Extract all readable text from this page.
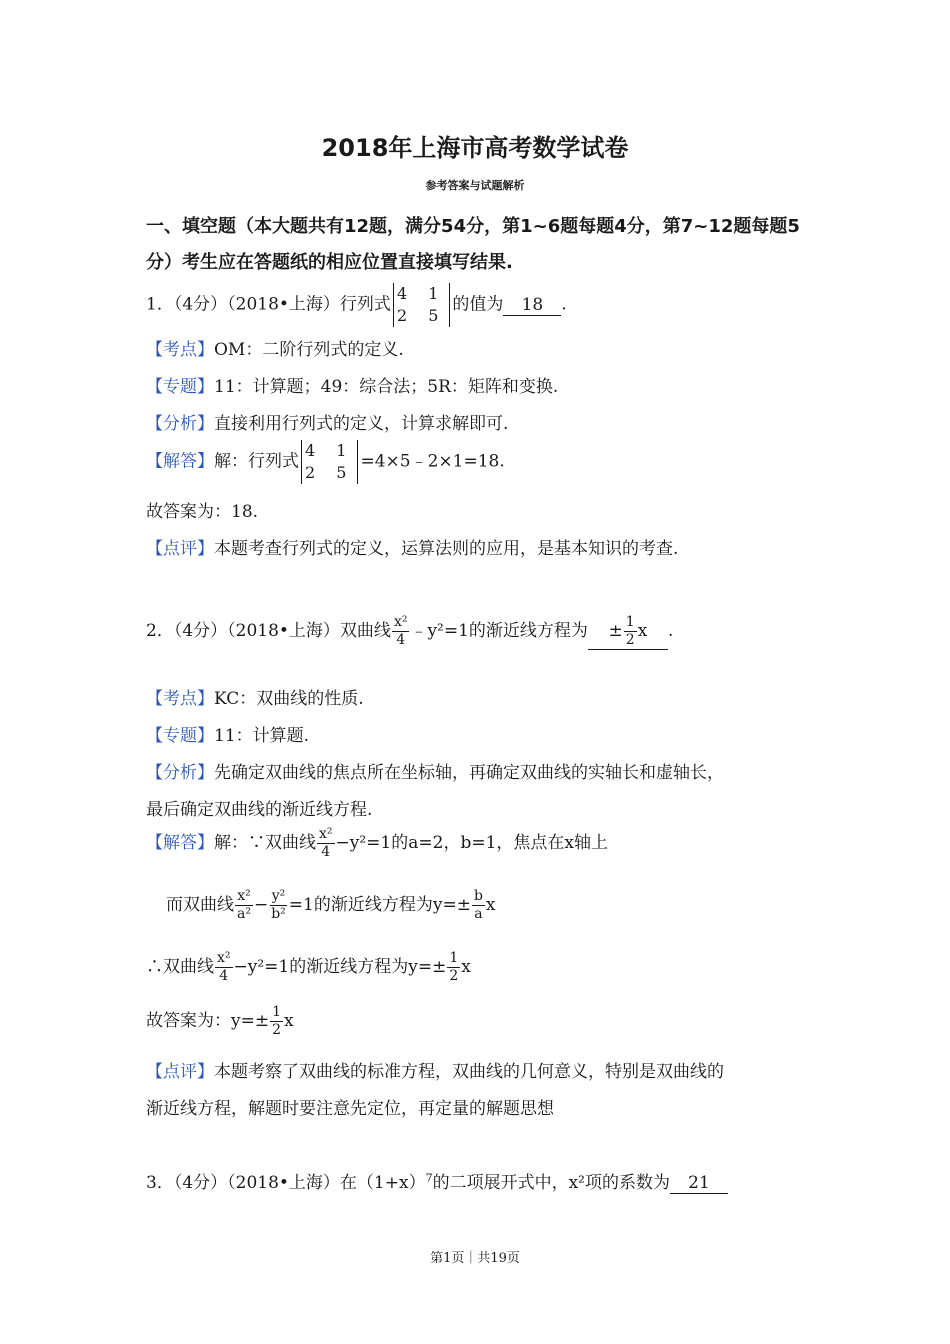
2018年上海市高考数学试卷
参考答案与试题解析
一、填空题（本大题共有12题，满分54分，第1~6题每题4分，第7~12题每题5
分）考生应在答题纸的相应位置直接填写结果.
1．（4分）（2018•上海）行列式
4 1
2 5
的值为 18 .
【考点】OM：二阶行列式的定义.
【专题】11：计算题；49：综合法；5R：矩阵和变换.
【分析】直接利用行列式的定义，计算求解即可.
【解答】解：行列式
4 1
2 5
=4×5﹣2×1=18.
故答案为：18.
【点评】本题考查行列式的定义，运算法则的应用，是基本知识的考查.
2．（4分）（2018•上海）双曲线 $\frac{\text{x²}}{4}$ ﹣y²=1的渐近线方程为 ± $\frac{1}{2}$ x .
【考点】KC：双曲线的性质.
【专题】11：计算题.
【分析】先确定双曲线的焦点所在坐标轴，再确定双曲线的实轴长和虚轴长，
最后确定双曲线的渐近线方程.
【解答】解：∵双曲线 $\frac{\text{x²}}{4} -y^2=1$的a=2，b=1，焦点在x轴上
而双曲线 $\frac{\text{x²}}{\text{a²}} - \frac{\text{y²}}{\text{b²}} =1$的渐近线方程为$y=\pm \frac{b}{a}$ x
∴双曲线 $\frac{\text{x²}}{4} -y^2=1$的渐近线方程为$y=\pm \frac{1}{2}$ x
故答案为：$y=\pm \frac{1}{2}$ x
【点评】本题考察了双曲线的标准方程，双曲线的几何意义，特别是双曲线的
渐近线方程，解题时要注意先定位，再定量的解题思想
3．（4分）（2018•上海）在$(1+x)^7$的二项展开式中，x²项的系数为 21
第1页｜共19页
